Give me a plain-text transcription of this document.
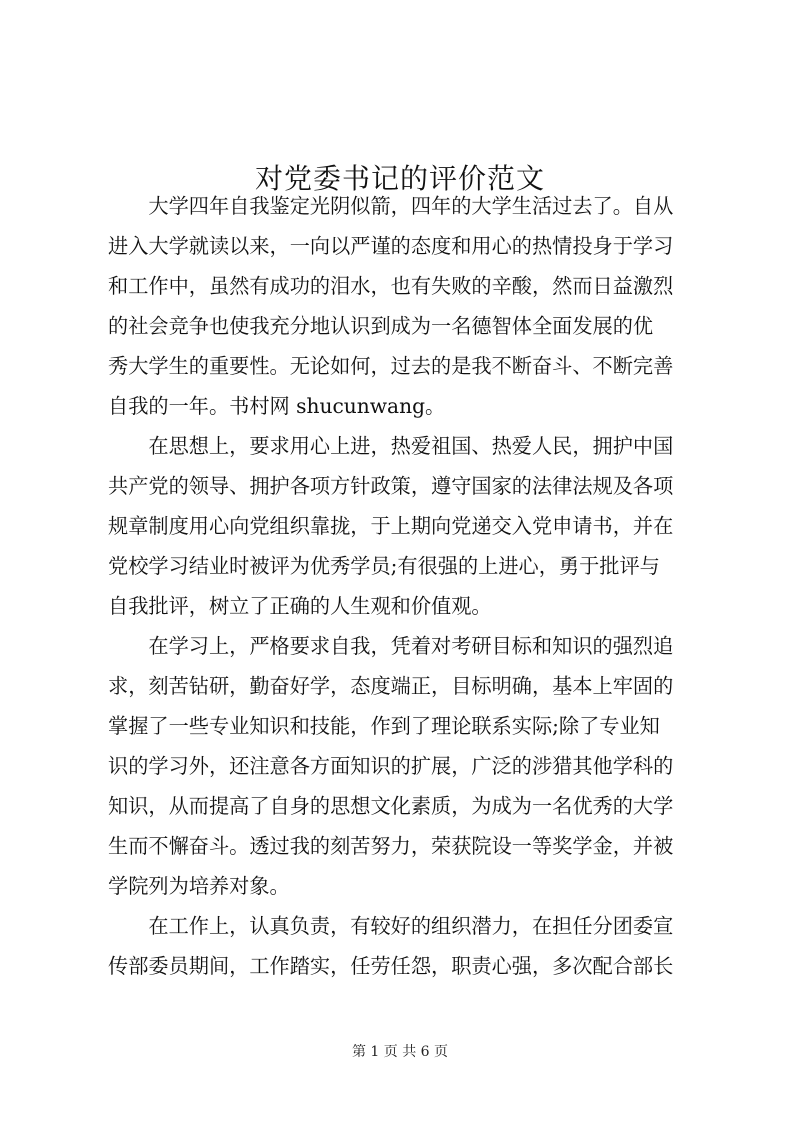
对党委书记的评价范文

大学四年自我鉴定光阴似箭，四年的大学生活过去了。自从
进入大学就读以来，一向以严谨的态度和用心的热情投身于学习
和工作中，虽然有成功的泪水，也有失败的辛酸，然而日益激烈
的社会竞争也使我充分地认识到成为一名德智体全面发展的优
秀大学生的重要性。无论如何，过去的是我不断奋斗、不断完善
自我的一年。书村网 shucunwang。

在思想上，要求用心上进，热爱祖国、热爱人民，拥护中国
共产党的领导、拥护各项方针政策，遵守国家的法律法规及各项
规章制度用心向党组织靠拢，于上期向党递交入党申请书，并在
党校学习结业时被评为优秀学员;有很强的上进心，勇于批评与
自我批评，树立了正确的人生观和价值观。

在学习上，严格要求自我，凭着对考研目标和知识的强烈追
求，刻苦钻研，勤奋好学，态度端正，目标明确，基本上牢固的
掌握了一些专业知识和技能，作到了理论联系实际;除了专业知
识的学习外，还注意各方面知识的扩展，广泛的涉猎其他学科的
知识，从而提高了自身的思想文化素质，为成为一名优秀的大学
生而不懈奋斗。透过我的刻苦努力，荣获院设一等奖学金，并被
学院列为培养对象。

在工作上，认真负责，有较好的组织潜力，在担任分团委宣
传部委员期间，工作踏实，任劳任怨，职责心强，多次配合部长

第 1 页 共 6 页
